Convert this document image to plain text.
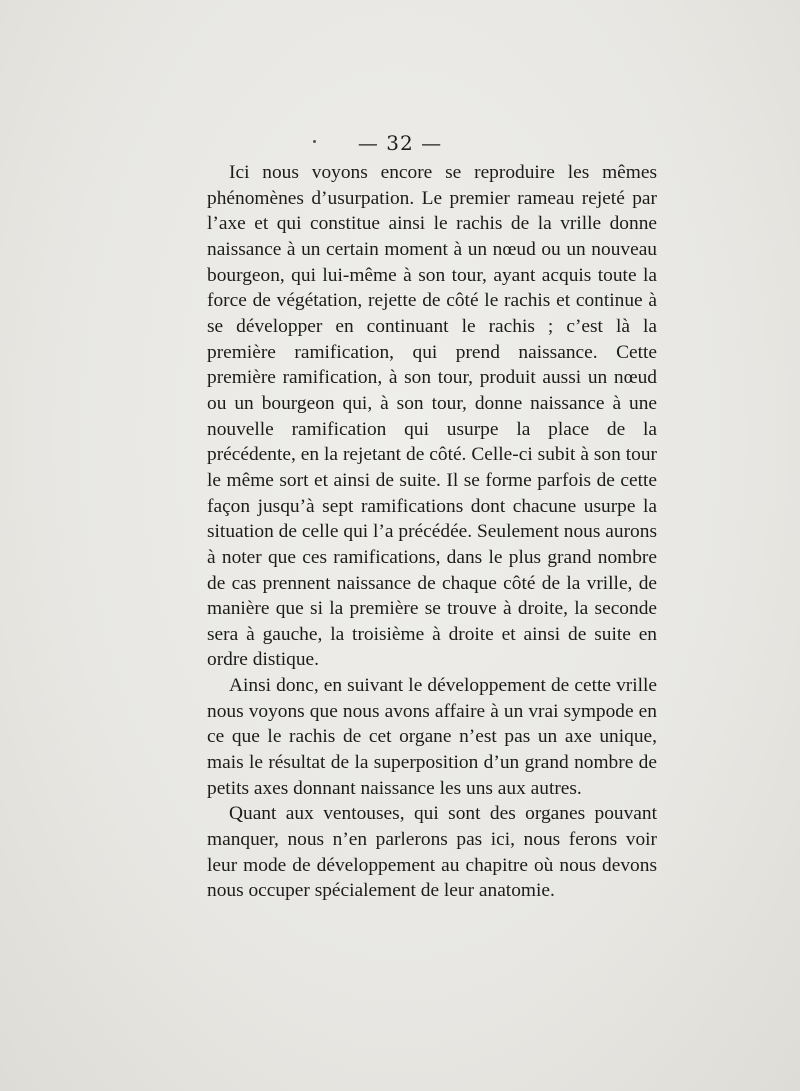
— 32 —

Ici nous voyons encore se reproduire les mêmes phénomènes d’usurpation. Le premier rameau rejeté par l’axe et qui constitue ainsi le rachis de la vrille donne naissance à un certain moment à un nœud ou un nouveau bourgeon, qui lui-même à son tour, ayant acquis toute la force de végétation, rejette de côté le rachis et continue à se développer en continuant le rachis ; c’est là la première ramification, qui prend naissance. Cette première ramification, à son tour, produit aussi un nœud ou un bourgeon qui, à son tour, donne naissance à une nouvelle ramification qui usurpe la place de la précédente, en la rejetant de côté. Celle-ci subit à son tour le même sort et ainsi de suite. Il se forme parfois de cette façon jusqu’à sept ramifications dont chacune usurpe la situation de celle qui l’a précédée. Seulement nous aurons à noter que ces ramifications, dans le plus grand nombre de cas prennent naissance de chaque côté de la vrille, de manière que si la première se trouve à droite, la seconde sera à gauche, la troisième à droite et ainsi de suite en ordre distique.

Ainsi donc, en suivant le développement de cette vrille nous voyons que nous avons affaire à un vrai sympode en ce que le rachis de cet organe n’est pas un axe unique, mais le résultat de la superposition d’un grand nombre de petits axes donnant naissance les uns aux autres.

Quant aux ventouses, qui sont des organes pouvant manquer, nous n’en parlerons pas ici, nous ferons voir leur mode de développement au chapitre où nous devons nous occuper spécialement de leur anatomie.
